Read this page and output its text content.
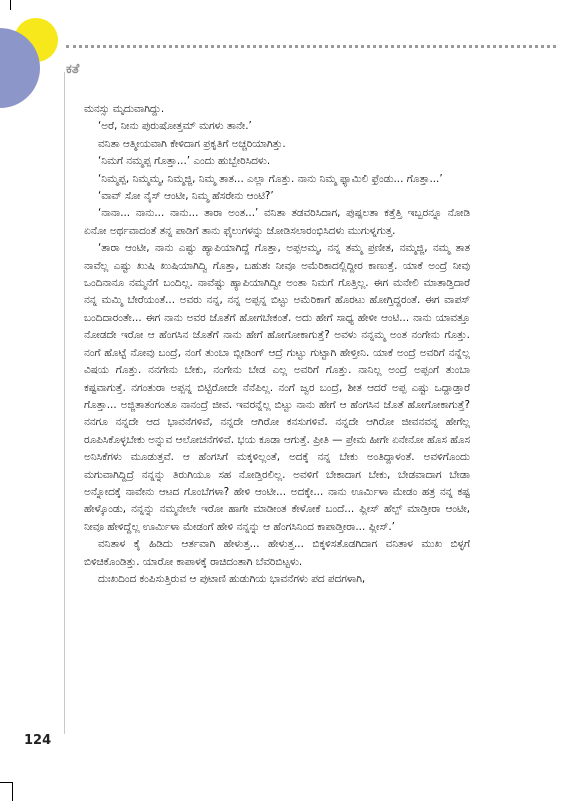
ಕತೆ

ಮನಸ್ಸು ಮೃದುವಾಗಿದ್ದು.

‘ಅರೆ, ನೀನು ಪುರುಷೋತ್ತಮ್ ಮಗಳು ತಾನೇ.’

ವನಿತಾ ಆತ್ಮೀಯವಾಗಿ ಕೇಳಿದಾಗ ಪ್ರಕೃತಿಗೆ ಅಚ್ಚರಿಯಾಗಿತ್ತು.

‘ನಿಮಗೆ ನಮ್ಮಪ್ಪ ಗೊತ್ತಾ...’ ಎಂದು ಹುಬ್ಬೇರಿಸಿದಳು.

‘ನಿಮ್ಮಪ್ಪ, ನಿಮ್ಮಮ್ಮ, ನಿಮ್ಮಜ್ಜಿ, ನಿಮ್ಮ ತಾತ... ಎಲ್ಲಾ ಗೊತ್ತು. ನಾನು ನಿಮ್ಮ ಫ್ಯಾಮಿಲಿ ಫ್ರೆಂಡು... ಗೊತ್ತಾ...’

‘ವಾವ್ ಸೋ ನೈಸ್ ಆಂಟೀ, ನಿಮ್ಮ ಹೆಸರೇನು ಆಂಟಿ?’

‘ನಾನಾ... ನಾನು... ನಾನು... ತಾರಾ ಅಂತ...’ ವನಿತಾ ತಡವರಿಸಿದಾಗ, ಪುಷ್ಪಲತಾ ಕತ್ತೆತ್ತಿ ಇಬ್ಬರನ್ನೂ ನೋಡಿ ಏನೋ ಅರ್ಥವಾದಂತೆ ತನ್ನ ಪಾಡಿಗೆ ತಾನು ಫೈಲುಗಳನ್ನು ಜೋಡಿಸಲಾರಂಭಿಸಿದಳು ಮುಗುಳ್ನಗುತ್ತ.

‘ತಾರಾ ಆಂಟೀ, ನಾನು ಎಷ್ಟು ಹ್ಯಾಪಿಯಾಗಿದ್ದೆ ಗೊತ್ತಾ, ಅಪ್ಪಅಮ್ಮ, ನನ್ನ ತಮ್ಮ ಪ್ರಣೀತ, ನಮ್ಮಜ್ಜಿ, ನಮ್ಮ ತಾತ ನಾವೆಲ್ಲ ಎಷ್ಟು ಖುಷಿ ಖುಷಿಯಾಗಿದ್ವಿ ಗೊತ್ತಾ, ಬಹುಶಃ ನೀವೂ ಅಮೆರಿಕಾದಲ್ಲಿದ್ದೀರ ಕಾಣುತ್ತೆ. ಯಾಕೆ ಅಂದ್ರೆ ನೀವು ಒಂದಿನಾನೂ ನಮ್ಮನೆಗೆ ಬಂದಿಲ್ಲ. ನಾವೆಷ್ಟು ಹ್ಯಾಪಿಯಾಗಿದ್ವೀ ಅಂತಾ ನಿಮಗೆ ಗೊತ್ತಿಲ್ಲ. ಈಗ ಮನೇಲಿ ಮಾತಾಡ್ತಿದಾರೆ ನನ್ನ ಮಮ್ಮಿ ಬೇರೆಯಂತೆ... ಅವರು ನನ್ನ, ನನ್ನ ಅಪ್ಪನ್ನ ಬಿಟ್ಟು ಅಮೆರಿಕಾಗೆ ಹೊರಟು ಹೋಗ್ತಿದ್ದರಂತೆ. ಈಗ ವಾಪಸ್ ಬಂದಿದಾರಂತೇ... ಈಗ ನಾನು ಅವರ ಜೊತೆಗೆ ಹೋಗಬೇಕಂತೆ. ಅದು ಹೇಗೆ ಸಾಧ್ಯ ಹೇಳೀ ಆಂಟಿ... ನಾನು ಯಾವತ್ತೂ ನೋಡದೇ ಇರೋ ಆ ಹೆಂಗಸಿನ ಜೊತೆಗೆ ನಾನು ಹೇಗೆ ಹೋಗೋಕಾಗುತ್ತೆ? ಅವಳು ನನ್ನಮ್ಮ ಅಂತ ನಂಗೇನು ಗೊತ್ತು. ನಂಗೆ ಹೊಟ್ಟೆ ನೋವು ಬಂದ್ರೆ, ನಂಗೆ ತುಂಬಾ ಬ್ಲೀಡಿಂಗ್ ಆದ್ರೆ ಗುಟ್ಟು ಗುಟ್ಟಾಗಿ ಹೇಳ್ತೀನಿ. ಯಾಕೆ ಅಂದ್ರೆ ಅವರಿಗೆ ನನ್ನೆಲ್ಲ ವಿಷಯ ಗೊತ್ತು. ನನಗೇನು ಬೇಕು, ನಂಗೇನು ಬೇಡ ಎಲ್ಲ ಅವರಿಗೆ ಗೊತ್ತು. ನಾನಿಲ್ಲ ಅಂದ್ರೆ ಅಪ್ಪಂಗೆ ತುಂಬಾ ಕಷ್ಟವಾಗುತ್ತೆ. ನಗಂತುರಾ ಅಪ್ಪನ್ನ ಬಿಟ್ಟಿರೋದೇ ನೆನೆಪಿಲ್ಲ. ನಂಗೆ ಜ್ವರ ಬಂದ್ರೆ, ಶೀತ ಆದರೆ ಅಪ್ಪ ಎಷ್ಟು ಒದ್ದಾಡ್ತಾರೆ ಗೊತ್ತಾ... ಅಜ್ಜಿತಾತಂಗಂತೂ ನಾನಂದ್ರೆ ಜೀವ. ಇವರನ್ನೆಲ್ಲ ಬಿಟ್ಟು ನಾನು ಹೇಗೆ ಆ ಹೆಂಗಸಿನ ಜೊತೆ ಹೋಗೋಕಾಗುತ್ತೆ? ನನಗೂ ನನ್ನದೇ ಆದ ಭಾವನೆಗಳಿವೆ, ನನ್ನದೇ ಆಗಿರೋ ಕನಸುಗಳಿವೆ. ನನ್ನದೇ ಆಗಿರೋ ಜೀವನವನ್ನ ಹೇಗೆಲ್ಲ ರೂಪಿಸಿಕೊಳ್ಳಬೇಕು ಅನ್ನುವ ಆಲೋಚನೆಗಳಿವೆ. ಭಯ ಕೂಡಾ ಆಗುತ್ತೆ. ಪ್ರೀತಿ — ಪ್ರೇಮ ಹೀಗೇ ಏನೇನೋ ಹೊಸ ಹೊಸ ಅನಿಸಿಕೆಗಳು ಮೂಡುತ್ತವೆ. ಆ ಹೆಂಗಸಿಗೆ ಮಕ್ಕಳಿಲ್ಲಂತೆ, ಅದಕ್ಕೆ ನನ್ನ ಬೇಕು ಅಂತಿದ್ದಾಳಂತೆ. ಅವಳಿಗೊಂದು ಮಗುವಾಗಿದ್ದಿದ್ರೆ ನನ್ನನ್ನು ತಿರುಗಿಯೂ ಸಹ ನೋಡ್ತಿರಲಿಲ್ಲ. ಅವಳಿಗೆ ಬೇಕಾದಾಗ ಬೇಕು, ಬೇಡವಾದಾಗ ಬೇಡಾ ಅನ್ನೋದಕ್ಕೆ ನಾವೇನು ಆಟದ ಗೊಂಬೆಗಳಾ? ಹೇಳಿ ಆಂಟೀ... ಅದಕ್ಕೇ... ನಾನು ಊರ್ಮಿಳಾ ಮೇಡಂ ಹತ್ರ ನನ್ನ ಕಷ್ಟ ಹೇಳ್ಕೊಂಡು, ನನ್ನನ್ನು ನಮ್ಮನೇಲೇ ಇರೋ ಹಾಗೇ ಮಾಡೀಂತ ಕೇಳೋಕೆ ಬಂದೆ... ಪ್ಲೀಸ್ ಹೆಲ್ಪ್ ಮಾಡ್ತೀರಾ ಆಂಟೀ, ನೀವೂ ಹೇಳಿದ್ದೆಲ್ಲ ಊರ್ಮಿಳಾ ಮೇಡಂಗೆ ಹೇಳಿ ನನ್ನನ್ನು ಆ ಹೆಂಗಸಿನಿಂದ ಕಾಪಾಡ್ತೀರಾ... ಪ್ಲೀಸ್.’

ವನಿತಾಳ ಕೈ ಹಿಡಿದು ಆರ್ತವಾಗಿ ಹೇಳುತ್ತ... ಹೇಳುತ್ತ... ಬಿಕ್ಕಳಿಸತೊಡಗಿದಾಗ ವನಿತಾಳ ಮುಖ ಬಿಳ್ಳಗೆ ಬಿಳಿಚಿಕೊಂಡಿತ್ತು. ಯಾರೋ ಕಾಪಾಳಕ್ಕೆ ರಾಚಿದಂತಾಗಿ ಬೆವರಿಬಿಟ್ಟಳು.

ದುಃಖದಿಂದ ಕಂಪಿಸುತ್ತಿರುವ ಆ ಪುಟಾಣಿ ಹುಡುಗಿಯ ಭಾವನೆಗಳು ಪದ ಪದಗಳಾಗಿ,

124
